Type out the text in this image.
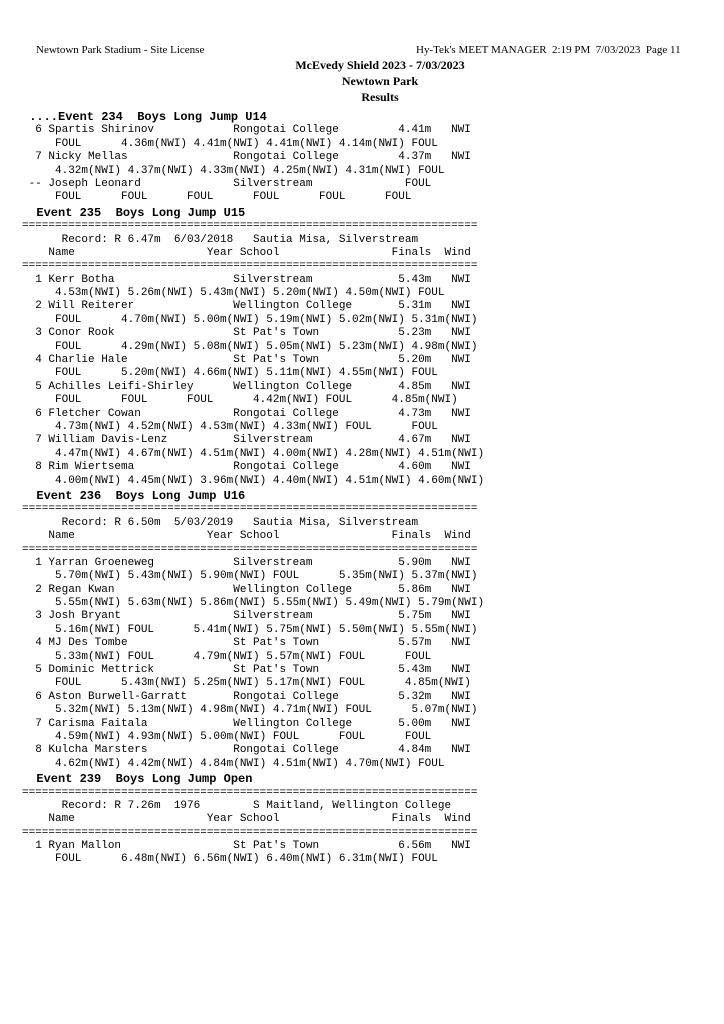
Newtown Park Stadium - Site License	Hy-Tek's MEET MANAGER  2:19 PM  7/03/2023  Page 11
McEvedy Shield 2023 - 7/03/2023
Newtown Park
Results
....Event 234  Boys Long Jump U14
6 Spartis Shirinov            Rongotai College         4.41m   NWI
FOUL      4.36m(NWI) 4.41m(NWI) 4.41m(NWI) 4.14m(NWI) FOUL
7 Nicky Mellas                Rongotai College         4.37m   NWI
4.32m(NWI) 4.37m(NWI) 4.33m(NWI) 4.25m(NWI) 4.31m(NWI) FOUL
-- Joseph Leonard              Silverstream              FOUL
FOUL      FOUL      FOUL      FOUL      FOUL      FOUL
Event 235  Boys Long Jump U15
=====================================================================
Record: R 6.47m  6/03/2018   Sautia Misa, Silverstream
Name                    Year School                 Finals  Wind
=====================================================================
1 Kerr Botha                  Silverstream             5.43m   NWI
4.53m(NWI) 5.26m(NWI) 5.43m(NWI) 5.20m(NWI) 4.50m(NWI) FOUL
2 Will Reiterer               Wellington College       5.31m   NWI
FOUL      4.70m(NWI) 5.00m(NWI) 5.19m(NWI) 5.02m(NWI) 5.31m(NWI)
3 Conor Rook                  St Pat's Town            5.23m   NWI
FOUL      4.29m(NWI) 5.08m(NWI) 5.05m(NWI) 5.23m(NWI) 4.98m(NWI)
4 Charlie Hale                St Pat's Town            5.20m   NWI
FOUL      5.20m(NWI) 4.66m(NWI) 5.11m(NWI) 4.55m(NWI) FOUL
5 Achilles Leifi-Shirley      Wellington College       4.85m   NWI
FOUL      FOUL      FOUL      4.42m(NWI) FOUL      4.85m(NWI)
6 Fletcher Cowan              Rongotai College         4.73m   NWI
4.73m(NWI) 4.52m(NWI) 4.53m(NWI) 4.33m(NWI) FOUL      FOUL
7 William Davis-Lenz          Silverstream             4.67m   NWI
4.47m(NWI) 4.67m(NWI) 4.51m(NWI) 4.00m(NWI) 4.28m(NWI) 4.51m(NWI)
8 Rim Wiertsema               Rongotai College         4.60m   NWI
4.00m(NWI) 4.45m(NWI) 3.96m(NWI) 4.40m(NWI) 4.51m(NWI) 4.60m(NWI)
Event 236  Boys Long Jump U16
=====================================================================
Record: R 6.50m  5/03/2019   Sautia Misa, Silverstream
Name                    Year School                 Finals  Wind
=====================================================================
1 Yarran Groeneweg            Silverstream             5.90m   NWI
5.70m(NWI) 5.43m(NWI) 5.90m(NWI) FOUL      5.35m(NWI) 5.37m(NWI)
2 Regan Kwan                  Wellington College       5.86m   NWI
5.55m(NWI) 5.63m(NWI) 5.86m(NWI) 5.55m(NWI) 5.49m(NWI) 5.79m(NWI)
3 Josh Bryant                 Silverstream             5.75m   NWI
5.16m(NWI) FOUL      5.41m(NWI) 5.75m(NWI) 5.50m(NWI) 5.55m(NWI)
4 MJ Des Tombe                St Pat's Town            5.57m   NWI
5.33m(NWI) FOUL      4.79m(NWI) 5.57m(NWI) FOUL      FOUL
5 Dominic Mettrick            St Pat's Town            5.43m   NWI
FOUL      5.43m(NWI) 5.25m(NWI) 5.17m(NWI) FOUL      4.85m(NWI)
6 Aston Burwell-Garratt       Rongotai College         5.32m   NWI
5.32m(NWI) 5.13m(NWI) 4.98m(NWI) 4.71m(NWI) FOUL      5.07m(NWI)
7 Carisma Faitala             Wellington College       5.00m   NWI
4.59m(NWI) 4.93m(NWI) 5.00m(NWI) FOUL      FOUL      FOUL
8 Kulcha Marsters             Rongotai College         4.84m   NWI
4.62m(NWI) 4.42m(NWI) 4.84m(NWI) 4.51m(NWI) 4.70m(NWI) FOUL
Event 239  Boys Long Jump Open
=====================================================================
Record: R 7.26m  1976        S Maitland, Wellington College
Name                    Year School                 Finals  Wind
=====================================================================
1 Ryan Mallon                 St Pat's Town            6.56m   NWI
FOUL      6.48m(NWI) 6.56m(NWI) 6.40m(NWI) 6.31m(NWI) FOUL
